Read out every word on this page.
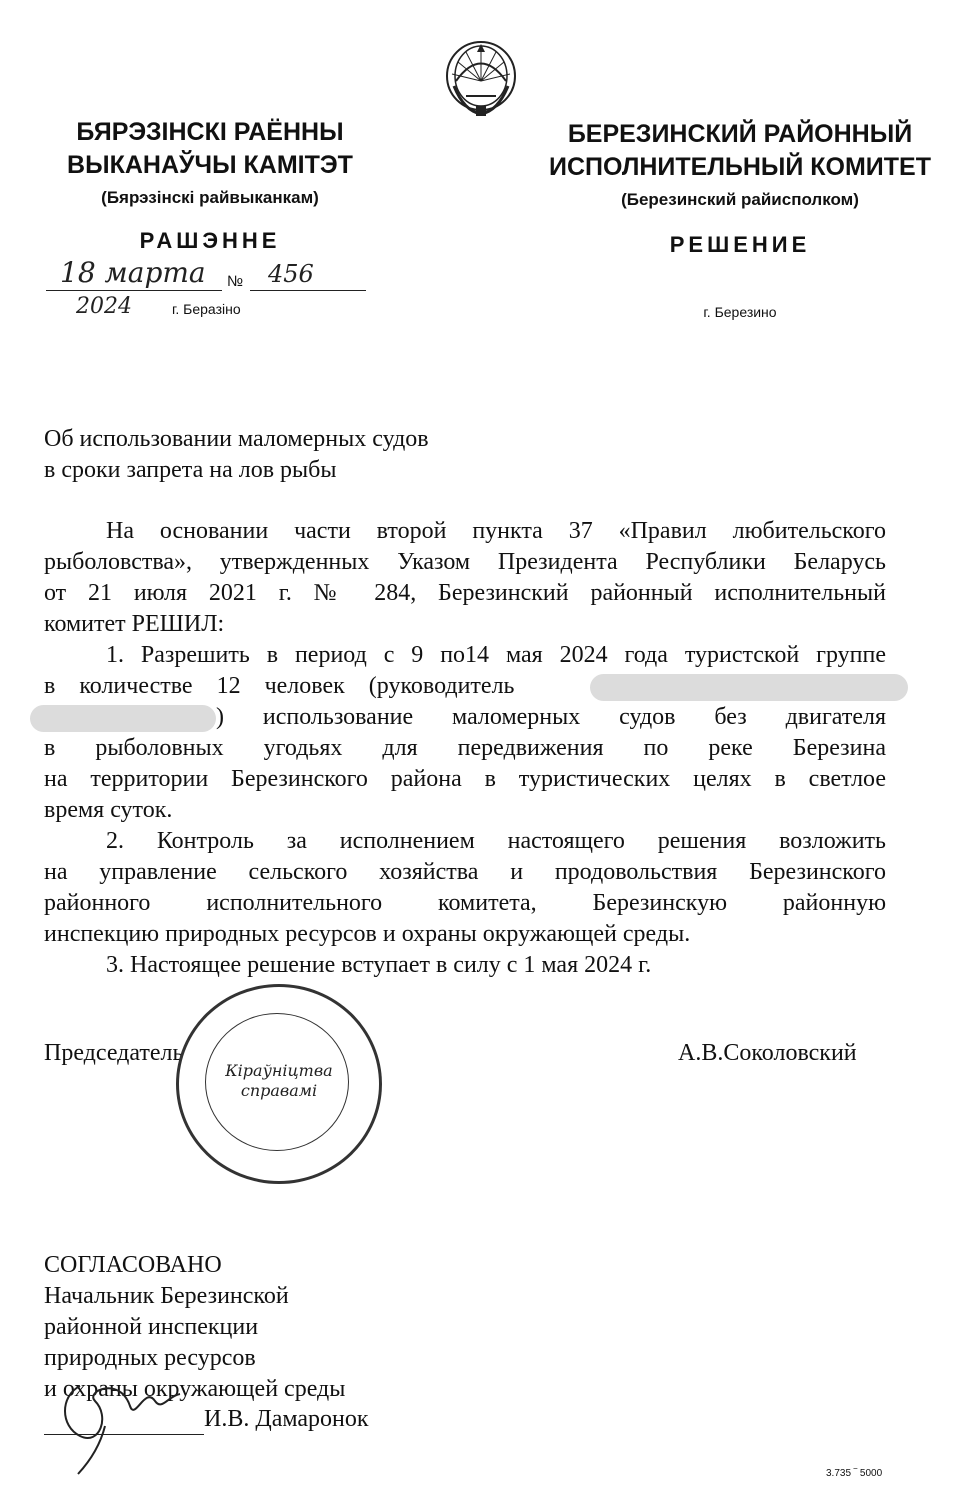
БЯРЭЗІНСКІ РАЁННЫ
ВЫКАНАЎЧЫ КАМІТЭТ
(Бярэзінскі райвыканкам)
РАШЭННЕ
18 марта № 456
2024	г. Беразіно
БЕРЕЗИНСКИЙ РАЙОННЫЙ
ИСПОЛНИТЕЛЬНЫЙ КОМИТЕТ
(Березинский райисполком)
РЕШЕНИЕ
г. Березино
Об использовании маломерных судов
в сроки запрета на лов рыбы
На основании части второй пункта 37 «Правил любительского
рыболовства», утвержденных Указом Президента Республики Беларусь
от 21 июля 2021 г. № 284, Березинский районный исполнительный
комитет РЕШИЛ:
1. Разрешить в период с 9 по14 мая 2024 года туристской группе
в количестве 12 человек (руководитель
) использование маломерных судов без двигателя
в рыболовных угодьях для передвижения по реке Березина
на территории Березинского района в туристических целях в светлое
время суток.
2. Контроль за исполнением настоящего решения возложить
на управление сельского хозяйства и продовольствия Березинского
районного исполнительного комитета, Березинскую районную
инспекцию природных ресурсов и охраны окружающей среды.
3. Настоящее решение вступает в силу с 1 мая 2024 г.
Председатель	А.В.Соколовский
Кіраўніцтва
справамі
СОГЛАСОВАНО
Начальник Березинской
районной инспекции
природных ресурсов
и охраны окружающей среды
И.В. Дамаронок
3.735 ‾ 5000
